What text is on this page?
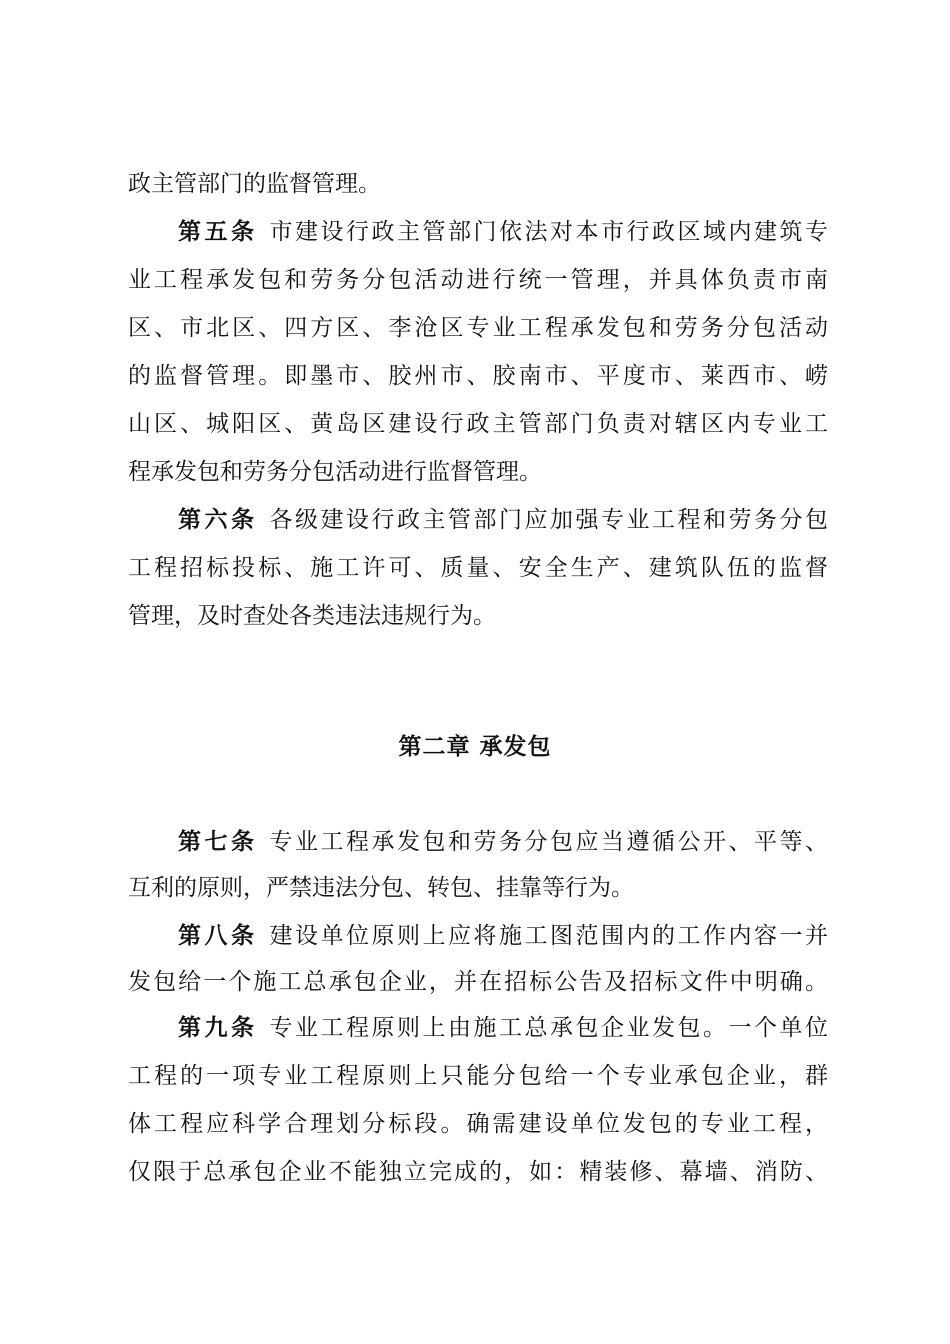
政主管部门的监督管理。
第五条 市建设行政主管部门依法对本市行政区域内建筑专
业工程承发包和劳务分包活动进行统一管理，并具体负责市南
区、市北区、四方区、李沧区专业工程承发包和劳务分包活动
的监督管理。即墨市、胶州市、胶南市、平度市、莱西市、崂
山区、城阳区、黄岛区建设行政主管部门负责对辖区内专业工
程承发包和劳务分包活动进行监督管理。
第六条 各级建设行政主管部门应加强专业工程和劳务分包
工程招标投标、施工许可、质量、安全生产、建筑队伍的监督
管理，及时查处各类违法违规行为。
第二章 承发包
第七条 专业工程承发包和劳务分包应当遵循公开、平等、
互利的原则，严禁违法分包、转包、挂靠等行为。
第八条 建设单位原则上应将施工图范围内的工作内容一并
发包给一个施工总承包企业，并在招标公告及招标文件中明确。
第九条 专业工程原则上由施工总承包企业发包。一个单位
工程的一项专业工程原则上只能分包给一个专业承包企业，群
体工程应科学合理划分标段。确需建设单位发包的专业工程，
仅限于总承包企业不能独立完成的，如：精装修、幕墙、消防、
